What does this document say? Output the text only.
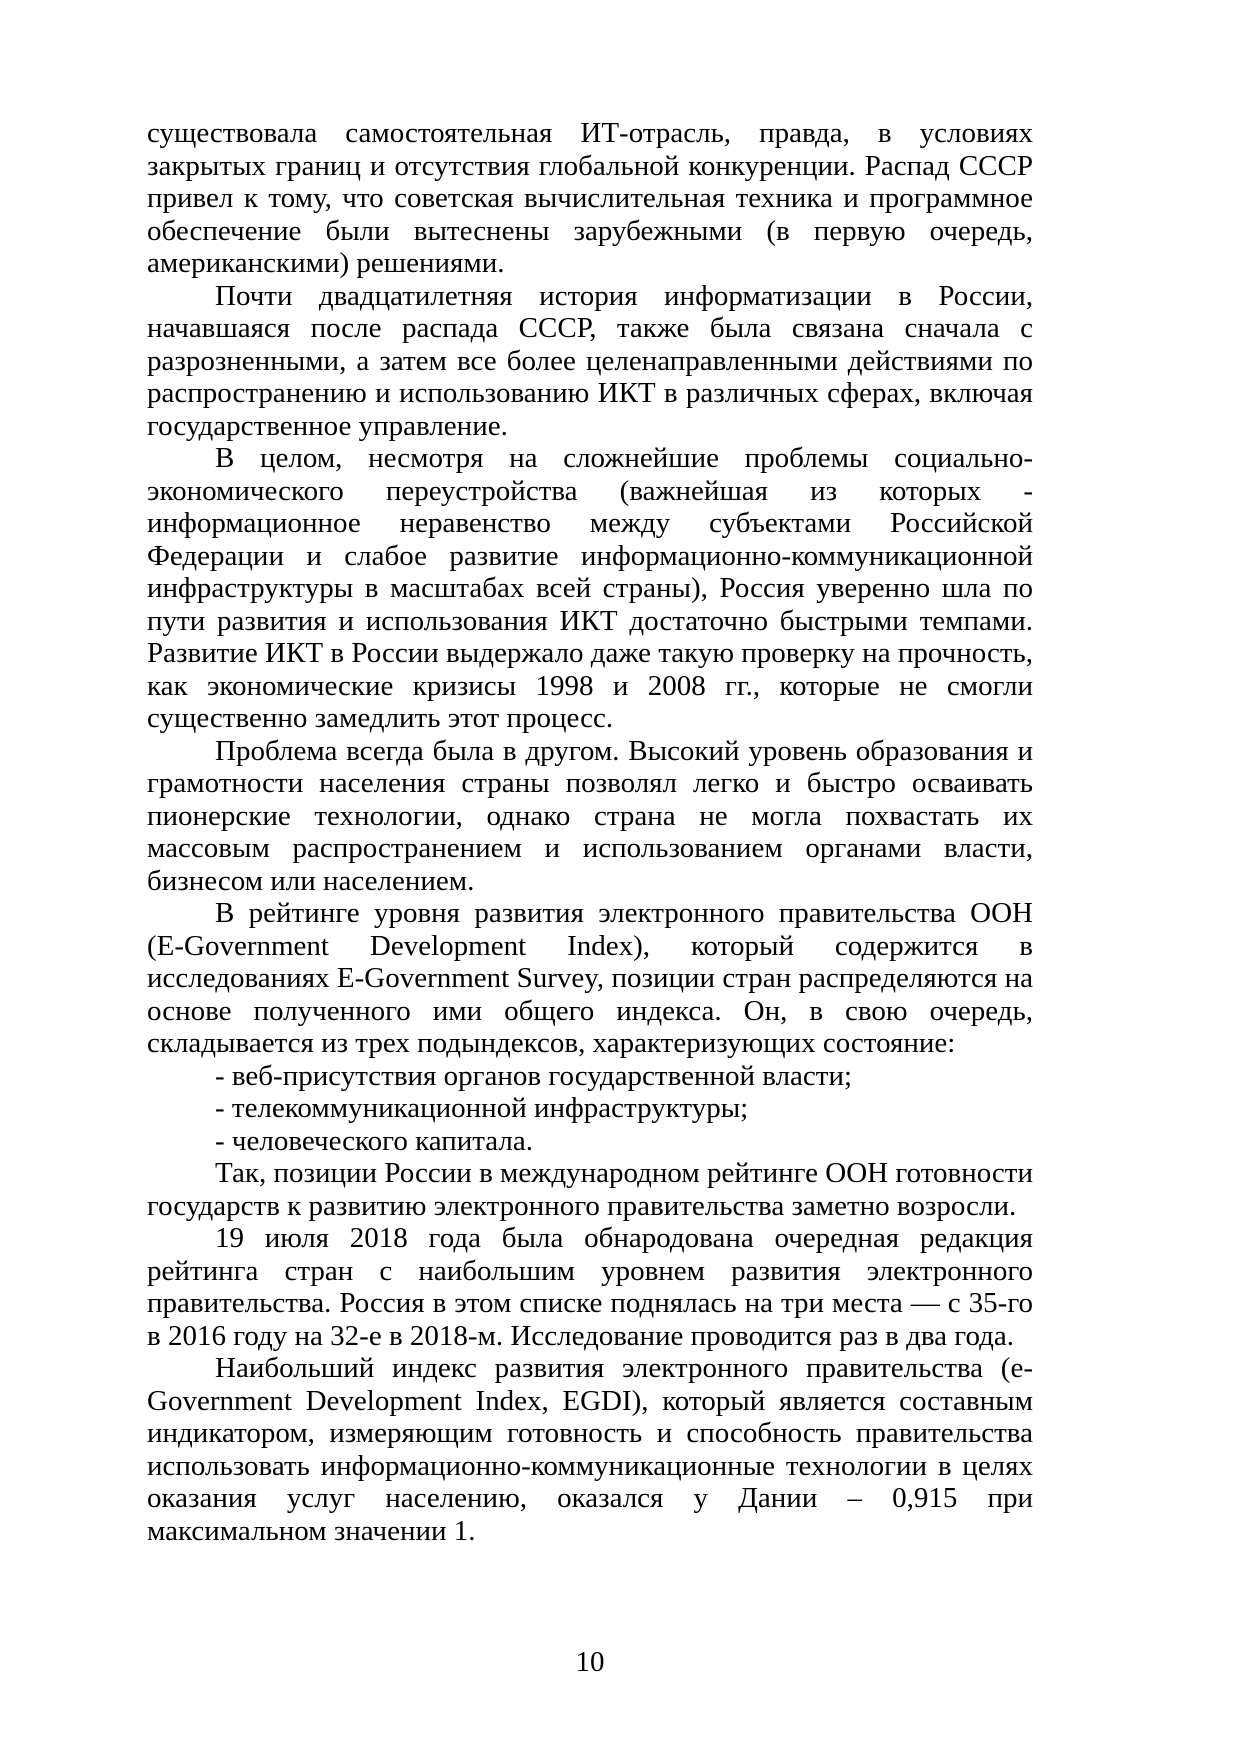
существовала самостоятельная ИТ-отрасль, правда, в условиях закрытых границ и отсутствия глобальной конкуренции. Распад СССР привел к тому, что советская вычислительная техника и программное обеспечение были вытеснены зарубежными (в первую очередь, американскими) решениями.

Почти двадцатилетняя история информатизации в России, начавшаяся после распада СССР, также была связана сначала с разрозненными, а затем все более целенаправленными действиями по распространению и использованию ИКТ в различных сферах, включая государственное управление.

В целом, несмотря на сложнейшие проблемы социально-экономического переустройства (важнейшая из которых - информационное неравенство между субъектами Российской Федерации и слабое развитие информационно-коммуникационной инфраструктуры в масштабах всей страны), Россия уверенно шла по пути развития и использования ИКТ достаточно быстрыми темпами. Развитие ИКТ в России выдержало даже такую проверку на прочность, как экономические кризисы 1998 и 2008 гг., которые не смогли существенно замедлить этот процесс.

Проблема всегда была в другом. Высокий уровень образования и грамотности населения страны позволял легко и быстро осваивать пионерские технологии, однако страна не могла похвастать их массовым распространением и использованием органами власти, бизнесом или населением.

В рейтинге уровня развития электронного правительства ООН (E-Government Development Index), который содержится в исследованиях E-Government Survey, позиции стран распределяются на основе полученного ими общего индекса. Он, в свою очередь, складывается из трех подындексов, характеризующих состояние:

- веб-присутствия органов государственной власти;

- телекоммуникационной инфраструктуры;

- человеческого капитала.

Так, позиции России в международном рейтинге ООН готовности государств к развитию электронного правительства заметно возросли.

19 июля 2018 года была обнародована очередная редакция рейтинга стран с наибольшим уровнем развития электронного правительства. Россия в этом списке поднялась на три места — с 35-го в 2016 году на 32-е в 2018-м. Исследование проводится раз в два года.

Наибольший индекс развития электронного правительства (e-Government Development Index, EGDI), который является составным индикатором, измеряющим готовность и способность правительства использовать информационно-коммуникационные технологии в целях оказания услуг населению, оказался у Дании – 0,915 при максимальном значении 1.

10
